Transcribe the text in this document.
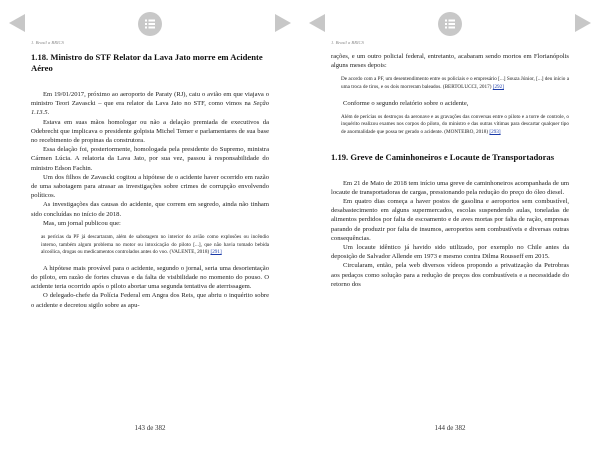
1. Brasil a BRICS
1.18. Ministro do STF Relator da Lava Jato morre em Acidente Aéreo

Em 19/01/2017, próximo ao aeroporto de Paraty (RJ), caiu o avião em que viajava o ministro Teori Zavascki – que era relator da Lava Jato no STF, como vimos na Seção 1.13.5.

Estava em suas mãos homologar ou não a delação premiada de executivos da Odebrecht que implicava o presidente golpista Michel Temer e parlamentares de sua base no recebimento de propinas da construtora.

Essa delação foi, posteriormente, homologada pela presidente do Supremo, ministra Cármen Lúcia. A relatoria da Lava Jato, por sua vez, passou à responsabilidade do ministro Edson Fachin.

Um dos filhos de Zavascki cogitou a hipótese de o acidente haver ocorrido em razão de uma sabotagem para atrasar as investigações sobre crimes de corrupção envolvendo políticos.

As investigações das causas do acidente, que correm em segredo, ainda não tinham sido concluídas no início de 2018.

Mas, um jornal publicou que:

as perícias da PF já descartaram, além de sabotagem no interior do avião como explosões ou incêndio interno, também algum problema no motor ou intoxicação do piloto [...], que não havia tomado bebida alcoólica, drogas ou medicamentos controlados antes do voo. (VALENTE, 2018) [291]

A hipótese mais provável para o acidente, segundo o jornal, seria uma desorientação do piloto, em razão de fortes chuvas e da falta de visibilidade no momento do pouso. O acidente teria ocorrido após o piloto abortar uma segunda tentativa de aterrissagem.

O delegado-chefe da Polícia Federal em Angra dos Reis, que abriu o inquérito sobre o acidente e decretou sigilo sobre as apu-

143 de 382
1. Brasil a BRICS

rações, e um outro policial federal, entretanto, acabaram sendo mortos em Florianópolis alguns meses depois:

De acordo com a PF, um desentendimento entre os policiais e o empresário [...] Souza Júnior, [...] deu início a uma troca de tiros, e os dois morreram baleados. (BERTOLUCCI, 2017) [292]

Conforme o segundo relatório sobre o acidente,

Além de perícias os destroços da aeronave e as gravações das conversas entre o piloto e a torre de controle, o inquérito realizou exames nos corpos do piloto, do ministro e das outras vítimas para descartar qualquer tipo de anormalidade que possa ter gerado o acidente. (MONTEIRO, 2018) [293]
1.19. Greve de Caminhoneiros e Locaute de Transportadoras

Em 21 de Maio de 2018 tem início uma greve de caminhoneiros acompanhada de um locaute de transportadoras de cargas, pressionando pela redução do preço do óleo diesel.

Em quatro dias começa a haver postos de gasolina e aeroportos sem combustível, desabastecimento em alguns supermercados, escolas suspendendo aulas, toneladas de alimentos perdidos por falta de escoamento e de aves mortas por falta de ração, empresas parando de produzir por falta de insumos, aeroportos sem combustíveis e diversas outras consequências.

Um locaute idêntico já havido sido utilizado, por exemplo no Chile antes da deposição de Salvador Allende em 1973 e mesmo contra Dilma Rousseff em 2015.

Circularam, então, pela web diversos vídeos propondo a privatização da Petrobras aos pedaços como solução para a redução de preços dos combustíveis e a necessidade do retorno dos

144 de 382
